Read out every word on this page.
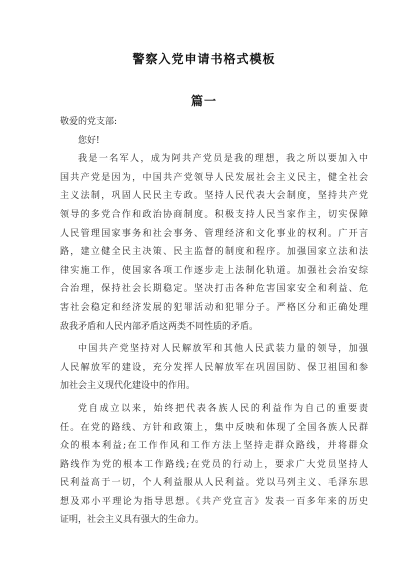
警察入党申请书格式模板
篇一
敬爱的党支部:
您好!
我是一名军人，成为阿共产党员是我的理想，我之所以要加入中
国共产党是因为，中国共产党领导人民发展社会主义民主，健全社会
主义法制，巩固人民民主专政。坚持人民代表大会制度，坚持共产党
领导的多党合作和政治协商制度。积极支持人民当家作主，切实保障
人民管理国家事务和社会事务、管理经济和文化事业的权利。广开言
路，建立健全民主决策、民主监督的制度和程序。加强国家立法和法
律实施工作，使国家各项工作逐步走上法制化轨道。加强社会治安综
合治理，保持社会长期稳定。坚决打击各种危害国家安全和利益、危
害社会稳定和经济发展的犯罪活动和犯罪分子。严格区分和正确处理
敌我矛盾和人民内部矛盾这两类不同性质的矛盾。
中国共产党坚持对人民解放军和其他人民武装力量的领导，加强
人民解放军的建设，充分发挥人民解放军在巩固国防、保卫祖国和参
加社会主义现代化建设中的作用。
党自成立以来，始终把代表各族人民的利益作为自己的重要责
任。在党的路线、方针和政策上，集中反映和体现了全国各族人民群
众的根本利益;在工作作风和工作方法上坚持走群众路线，并将群众
路线作为党的根本工作路线;在党员的行动上，要求广大党员坚持人
民利益高于一切，个人利益服从人民利益。党以马列主义、毛泽东思
想及邓小平理论为指导思想。《共产党宣言》发表一百多年来的历史
证明，社会主义具有强大的生命力。
